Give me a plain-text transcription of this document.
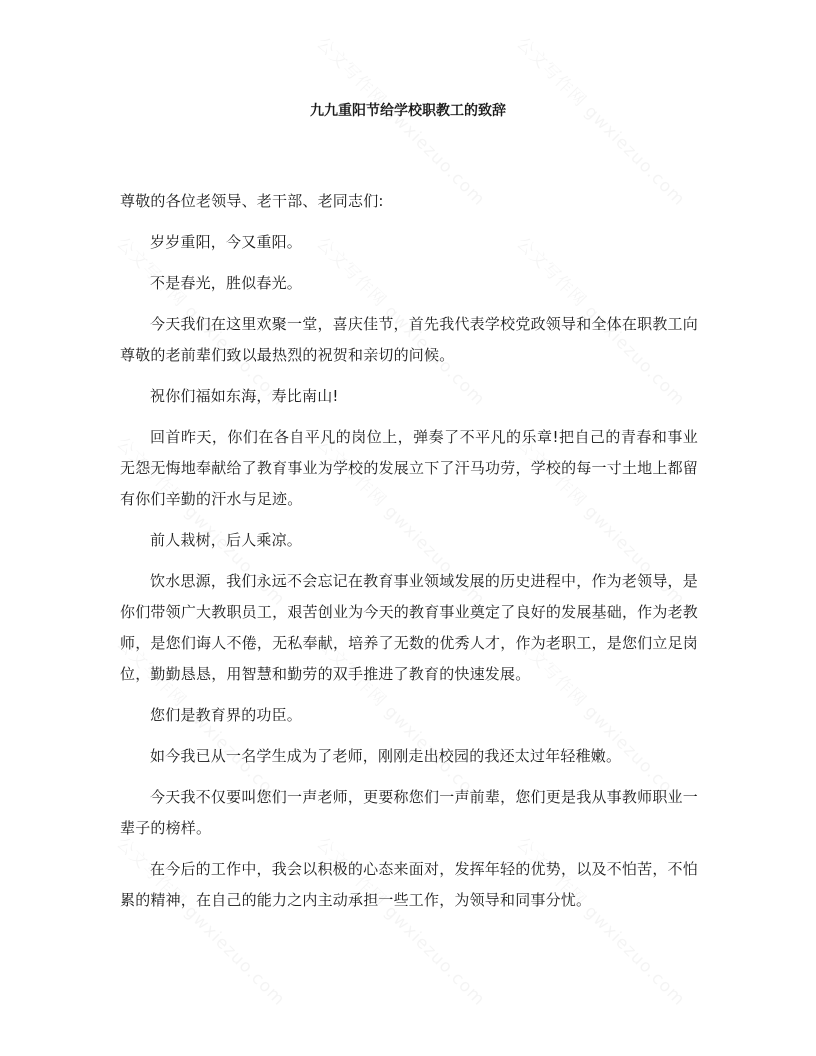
九九重阳节给学校职教工的致辞

尊敬的各位老领导、老干部、老同志们:

岁岁重阳，今又重阳。

不是春光，胜似春光。

今天我们在这里欢聚一堂，喜庆佳节，首先我代表学校党政领导和全体在职教工向尊敬的老前辈们致以最热烈的祝贺和亲切的问候。

祝你们福如东海，寿比南山!

回首昨天，你们在各自平凡的岗位上，弹奏了不平凡的乐章!把自己的青春和事业无怨无悔地奉献给了教育事业为学校的发展立下了汗马功劳，学校的每一寸土地上都留有你们辛勤的汗水与足迹。

前人栽树，后人乘凉。

饮水思源，我们永远不会忘记在教育事业领域发展的历史进程中，作为老领导，是你们带领广大教职员工，艰苦创业为今天的教育事业奠定了良好的发展基础，作为老教师，是您们诲人不倦，无私奉献，培养了无数的优秀人才，作为老职工，是您们立足岗位，勤勤恳恳，用智慧和勤劳的双手推进了教育的快速发展。

您们是教育界的功臣。

如今我已从一名学生成为了老师，刚刚走出校园的我还太过年轻稚嫩。

今天我不仅要叫您们一声老师，更要称您们一声前辈，您们更是我从事教师职业一辈子的榜样。

在今后的工作中，我会以积极的心态来面对，发挥年轻的优势，以及不怕苦，不怕累的精神，在自己的能力之内主动承担一些工作，为领导和同事分忧。
